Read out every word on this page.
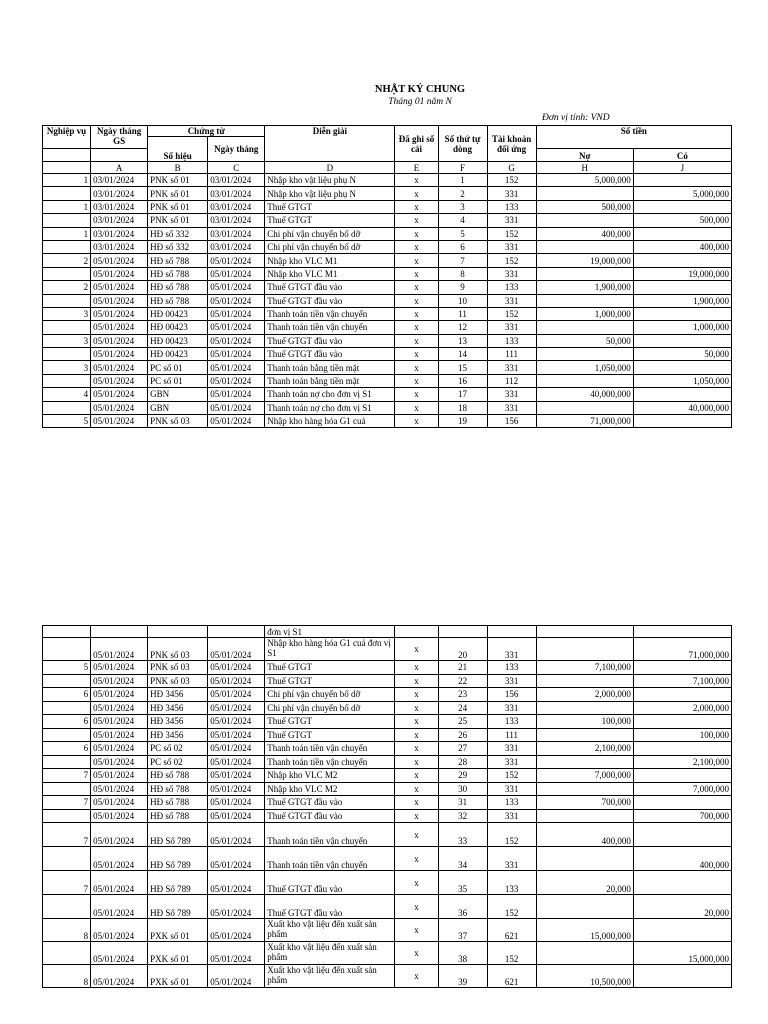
NHẬT KÝ CHUNG
Tháng 01 năm N
Đơn vị tính: VND
Nghiệp vụ	Ngày tháng GS	Chứng từ		Diễn giải	Đã ghi sổ cái	Số thứ tự dòng	Tài khoản đối ứng	Số tiền	
			Ngày tháng						
		Số hiệu						Nợ	Có
	A	B	C	D	E	F	G	H	J
1	03/01/2024	PNK số 01	03/01/2024	Nhập kho vật liệu phụ N	x	1	152	5,000,000	
	03/01/2024	PNK số 01	03/01/2024	Nhập kho vật liệu phụ N	x	2	331		5,000,000
1	03/01/2024	PNK số 01	03/01/2024	Thuế GTGT	x	3	133	500,000	
	03/01/2024	PNK số 01	03/01/2024	Thuế GTGT	x	4	331		500,000
1	03/01/2024	HĐ số 332	03/01/2024	Chi phí vận chuyển bố dỡ	x	5	152	400,000	
	03/01/2024	HĐ số 332	03/01/2024	Chi phí vận chuyển bố dỡ	x	6	331		400,000
2	05/01/2024	HĐ số 788	05/01/2024	Nhập kho VLC M1	x	7	152	19,000,000	
	05/01/2024	HĐ số 788	05/01/2024	Nhập kho VLC M1	x	8	331		19,000,000
2	05/01/2024	HĐ số 788	05/01/2024	Thuế GTGT đầu vào	x	9	133	1,900,000	
	05/01/2024	HĐ số 788	05/01/2024	Thuế GTGT đầu vào	x	10	331		1,900,000
3	05/01/2024	HĐ 00423	05/01/2024	Thanh toán tiền vận chuyển	x	11	152	1,000,000	
	05/01/2024	HĐ 00423	05/01/2024	Thanh toán tiền vận chuyển	x	12	331		1,000,000
3	05/01/2024	HĐ 00423	05/01/2024	Thuế GTGT đầu vào	x	13	133	50,000	
	05/01/2024	HĐ 00423	05/01/2024	Thuế GTGT đầu vào	x	14	111		50,000
3	05/01/2024	PC số 01	05/01/2024	Thanh toán bằng tiền mặt	x	15	331	1,050,000	
	05/01/2024	PC số 01	05/01/2024	Thanh toán bằng tiền mặt	x	16	112		1,050,000
4	05/01/2024	GBN	05/01/2024	Thanh toán nợ cho đơn vị S1	x	17	331	40,000,000	
	05/01/2024	GBN	05/01/2024	Thanh toán nợ cho đơn vị S1	x	18	331		40,000,000
5	05/01/2024	PNK số 03	05/01/2024	Nhập kho hàng hóa G1 cuả	x	19	156	71,000,000	
				đơn vị S1					
	05/01/2024	PNK số 03	05/01/2024	Nhập kho hàng hóa G1 cuả đơn vị S1	x	20	331		71,000,000
5	05/01/2024	PNK số 03	05/01/2024	Thuế GTGT	x	21	133	7,100,000	
	05/01/2024	PNK số 03	05/01/2024	Thuế GTGT	x	22	331		7,100,000
6	05/01/2024	HĐ 3456	05/01/2024	Chi phí vận chuyển bố dỡ	x	23	156	2,000,000	
	05/01/2024	HĐ 3456	05/01/2024	Chi phí vận chuyển bố dỡ	x	24	331		2,000,000
6	05/01/2024	HĐ 3456	05/01/2024	Thuế GTGT	x	25	133	100,000	
	05/01/2024	HĐ 3456	05/01/2024	Thuế GTGT	x	26	111		100,000
6	05/01/2024	PC số 02	05/01/2024	Thanh toán tiền vận chuyển	x	27	331	2,100,000	
	05/01/2024	PC số 02	05/01/2024	Thanh toán tiền vận chuyển	x	28	331		2,100,000
7	05/01/2024	HĐ số 788	05/01/2024	Nhập kho VLC M2	x	29	152	7,000,000	
	05/01/2024	HĐ số 788	05/01/2024	Nhập kho VLC M2	x	30	331		7,000,000
7	05/01/2024	HĐ số 788	05/01/2024	Thuế GTGT đầu vào	x	31	133	700,000	
	05/01/2024	HĐ số 788	05/01/2024	Thuế GTGT đầu vào	x	32	331		700,000
7	05/01/2024	HĐ Số 789	05/01/2024	Thanh toán tiền vận chuyển	x	33	152	400,000	
	05/01/2024	HĐ Số 789	05/01/2024	Thanh toán tiền vận chuyển	x	34	331		400,000
7	05/01/2024	HĐ Số 789	05/01/2024	Thuế GTGT đầu vào	x	35	133	20,000	
	05/01/2024	HĐ Số 789	05/01/2024	Thuế GTGT đầu vào	x	36	152		20,000
8	05/01/2024	PXK số 01	05/01/2024	Xuất kho vật liệu đến xuất sản phẩm	x	37	621	15,000,000	
	05/01/2024	PXK số 01	05/01/2024	Xuất kho vật liệu đến xuất sản phẩm	x	38	152		15,000,000
8	05/01/2024	PXK số 01	05/01/2024	Xuất kho vật liệu đến xuất sản phẩm	x	39	621	10,500,000	
